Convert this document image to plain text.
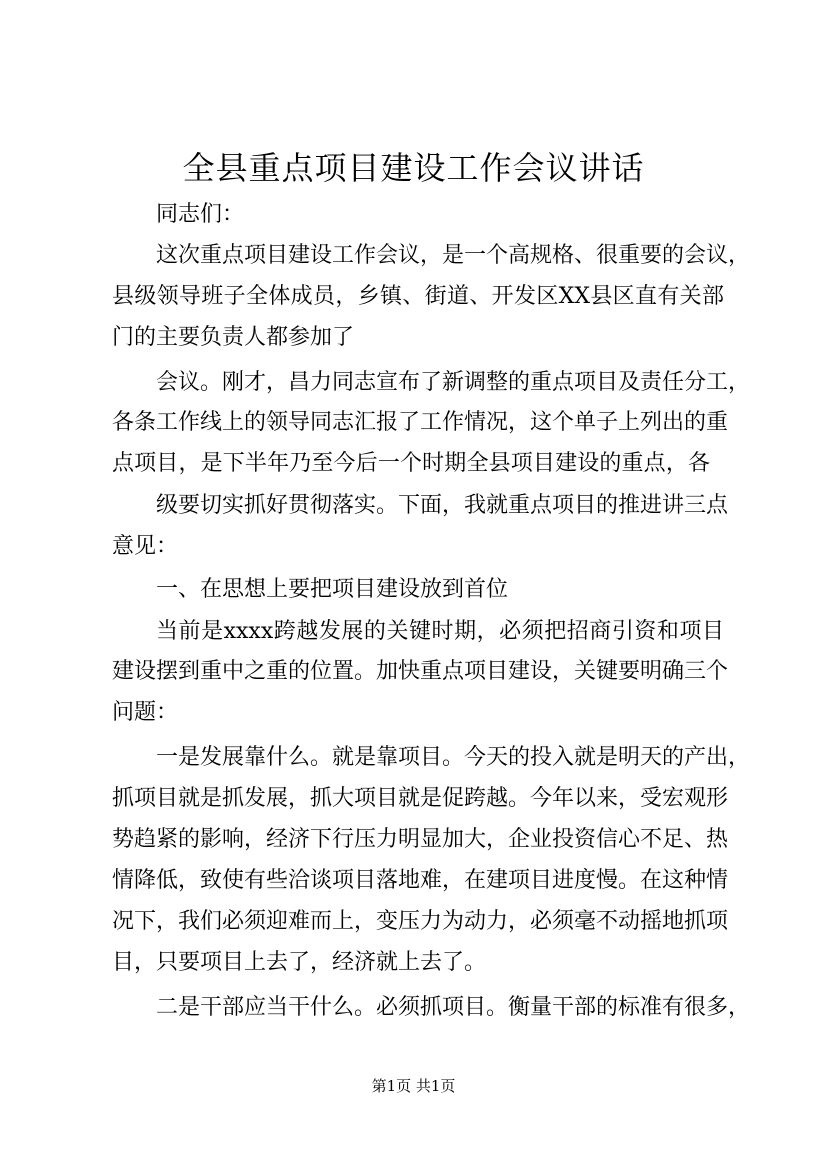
全县重点项目建设工作会议讲话

同志们：

这次重点项目建设工作会议，是一个高规格、很重要的会议，

县级领导班子全体成员，乡镇、街道、开发区XX县区直有关部

门的主要负责人都参加了

会议。刚才，昌力同志宣布了新调整的重点项目及责任分工，

各条工作线上的领导同志汇报了工作情况，这个单子上列出的重

点项目，是下半年乃至今后一个时期全县项目建设的重点，各

级要切实抓好贯彻落实。下面，我就重点项目的推进讲三点

意见：

一、在思想上要把项目建设放到首位

当前是xxxx跨越发展的关键时期，必须把招商引资和项目

建设摆到重中之重的位置。加快重点项目建设，关键要明确三个

问题：

一是发展靠什么。就是靠项目。今天的投入就是明天的产出，

抓项目就是抓发展，抓大项目就是促跨越。今年以来，受宏观形

势趋紧的影响，经济下行压力明显加大，企业投资信心不足、热

情降低，致使有些洽谈项目落地难，在建项目进度慢。在这种情

况下，我们必须迎难而上，变压力为动力，必须毫不动摇地抓项

目，只要项目上去了，经济就上去了。

二是干部应当干什么。必须抓项目。衡量干部的标准有很多，

第1页 共1页
